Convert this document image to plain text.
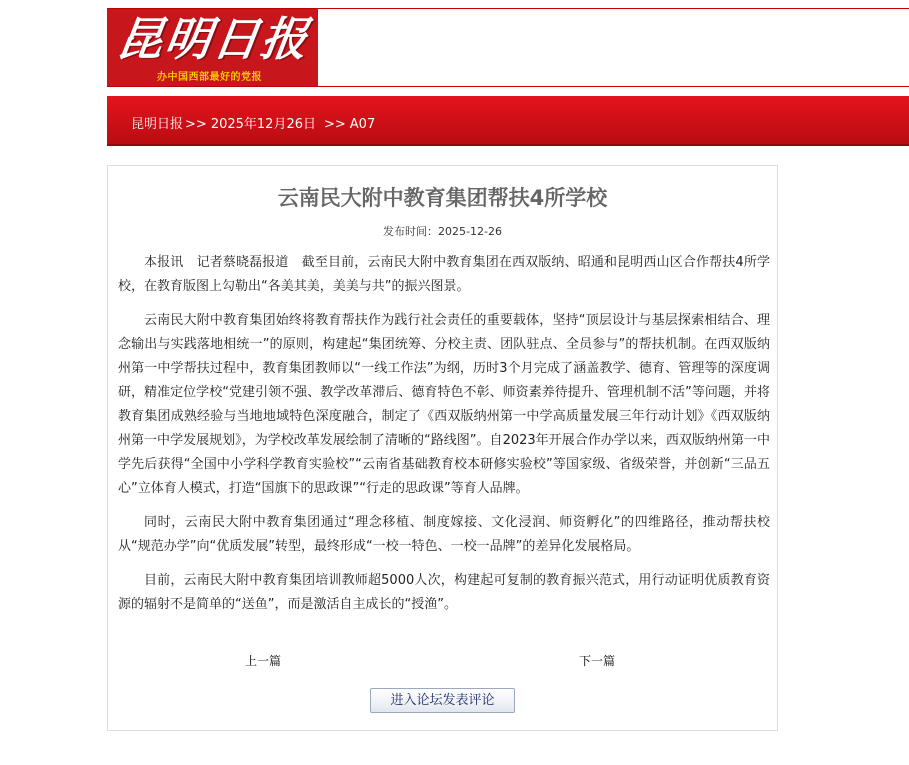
昆明日报
办中国西部最好的党报
昆明日报 >> 2025年12月26日 >> A07
云南民大附中教育集团帮扶4所学校
发布时间：2025-12-26

本报讯　记者蔡晓磊报道　截至目前，云南民大附中教育集团在西双版纳、昭通和昆明西山区合作帮扶4所学校，在教育版图上勾勒出“各美其美，美美与共”的振兴图景。

云南民大附中教育集团始终将教育帮扶作为践行社会责任的重要载体，坚持“顶层设计与基层探索相结合、理念输出与实践落地相统一”的原则，构建起“集团统筹、分校主责、团队驻点、全员参与”的帮扶机制。在西双版纳州第一中学帮扶过程中，教育集团教师以“一线工作法”为纲，历时3个月完成了涵盖教学、德育、管理等的深度调研，精准定位学校“党建引领不强、教学改革滞后、德育特色不彰、师资素养待提升、管理机制不活”等问题，并将教育集团成熟经验与当地地域特色深度融合，制定了《西双版纳州第一中学高质量发展三年行动计划》《西双版纳州第一中学发展规划》，为学校改革发展绘制了清晰的“路线图”。自2023年开展合作办学以来，西双版纳州第一中学先后获得“全国中小学科学教育实验校”“云南省基础教育校本研修实验校”等国家级、省级荣誉，并创新“三品五心”立体育人模式，打造“国旗下的思政课”“行走的思政课”等育人品牌。

同时，云南民大附中教育集团通过“理念移植、制度嫁接、文化浸润、师资孵化”的四维路径，推动帮扶校从“规范办学”向“优质发展”转型，最终形成“一校一特色、一校一品牌”的差异化发展格局。

目前，云南民大附中教育集团培训教师超5000人次，构建起可复制的教育振兴范式，用行动证明优质教育资源的辐射不是简单的“送鱼”，而是激活自主成长的“授渔”。

上一篇	下一篇
进入论坛发表评论
